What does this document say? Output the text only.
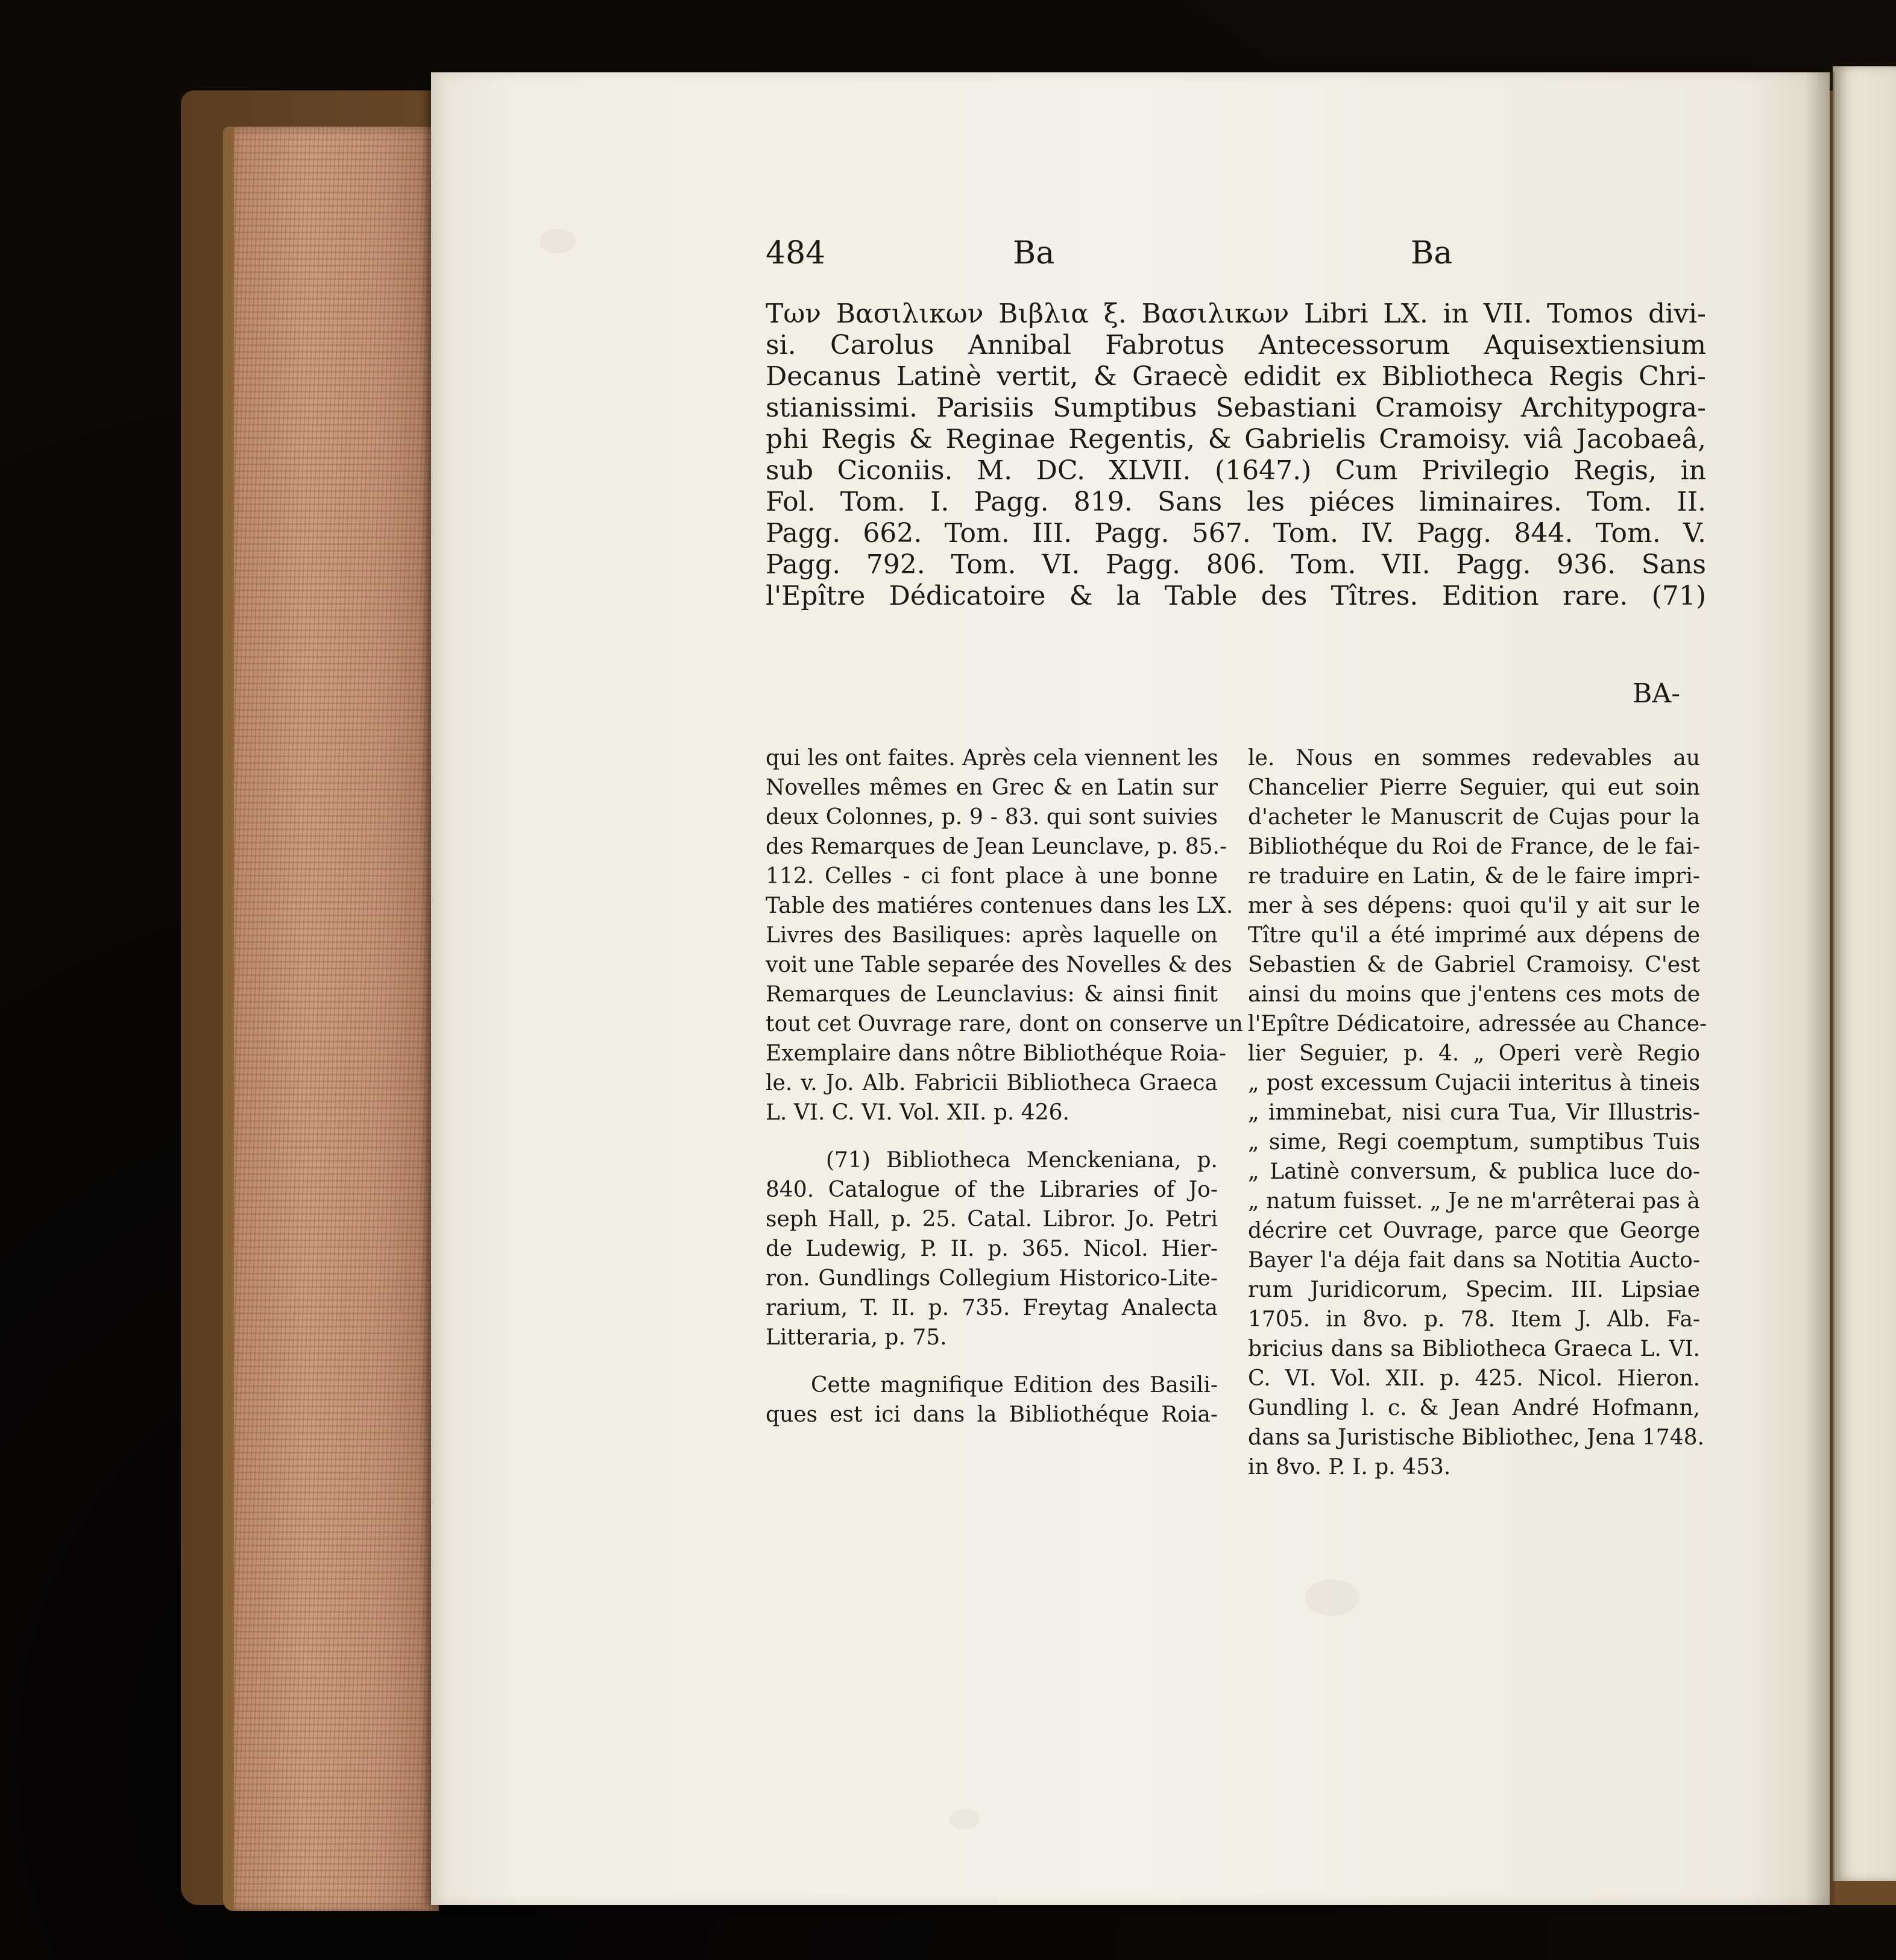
484	Ba	Ba
Των Βασιλικων Βιβλια ξ. Βασιλικων Libri LX. in VII. Tomos divi-
si. Carolus Annibal Fabrotus Antecessorum Aquisextiensium
Decanus Latinè vertit, & Graecè edidit ex Bibliotheca Regis Chri-
stianissimi. Parisiis Sumptibus Sebastiani Cramoisy Architypogra-
phi Regis & Reginae Regentis, & Gabrielis Cramoisy. viâ Jacobaeâ,
sub Ciconiis. M. DC. XLVII. (1647.) Cum Privilegio Regis, in
Fol. Tom. I. Pagg. 819. Sans les piéces liminaires. Tom. II.
Pagg. 662. Tom. III. Pagg. 567. Tom. IV. Pagg. 844. Tom. V.
Pagg. 792. Tom. VI. Pagg. 806. Tom. VII. Pagg. 936. Sans
l'Epître Dédicatoire & la Table des Tîtres. Edition rare. (71)
BA-
qui les ont faites. Après cela viennent les
Novelles mêmes en Grec & en Latin sur
deux Colonnes, p. 9 - 83. qui sont suivies
des Remarques de Jean Leunclave, p. 85.-
112. Celles - ci font place à une bonne
Table des matiéres contenues dans les LX.
Livres des Basiliques: après laquelle on
voit une Table separée des Novelles & des
Remarques de Leunclavius: & ainsi finit
tout cet Ouvrage rare, dont on conserve un
Exemplaire dans nôtre Bibliothéque Roia-
le. v. Jo. Alb. Fabricii Bibliotheca Graeca
L. VI. C. VI. Vol. XII. p. 426.
(71) Bibliotheca Menckeniana, p.
840. Catalogue of the Libraries of Jo-
seph Hall, p. 25. Catal. Libror. Jo. Petri
de Ludewig, P. II. p. 365. Nicol. Hier-
ron. Gundlings Collegium Historico-Lite-
rarium, T. II. p. 735. Freytag Analecta
Litteraria, p. 75.
Cette magnifique Edition des Basili-
ques est ici dans la Bibliothéque Roia-
le. Nous en sommes redevables au
Chancelier Pierre Seguier, qui eut soin
d'acheter le Manuscrit de Cujas pour la
Bibliothéque du Roi de France, de le fai-
re traduire en Latin, & de le faire impri-
mer à ses dépens: quoi qu'il y ait sur le
Tître qu'il a été imprimé aux dépens de
Sebastien & de Gabriel Cramoisy. C'est
ainsi du moins que j'entens ces mots de
l'Epître Dédicatoire, adressée au Chance-
lier Seguier, p. 4. „ Operi verè Regio
„ post excessum Cujacii interitus à tineis
„ imminebat, nisi cura Tua, Vir Illustris-
„ sime, Regi coemptum, sumptibus Tuis
„ Latinè conversum, & publica luce do-
„ natum fuisset. „ Je ne m'arrêterai pas à
décrire cet Ouvrage, parce que George
Bayer l'a déja fait dans sa Notitia Aucto-
rum Juridicorum, Specim. III. Lipsiae
1705. in 8vo. p. 78. Item J. Alb. Fa-
bricius dans sa Bibliotheca Graeca L. VI.
C. VI. Vol. XII. p. 425. Nicol. Hieron.
Gundling l. c. & Jean André Hofmann,
dans sa Juristische Bibliothec, Jena 1748.
in 8vo. P. I. p. 453.
